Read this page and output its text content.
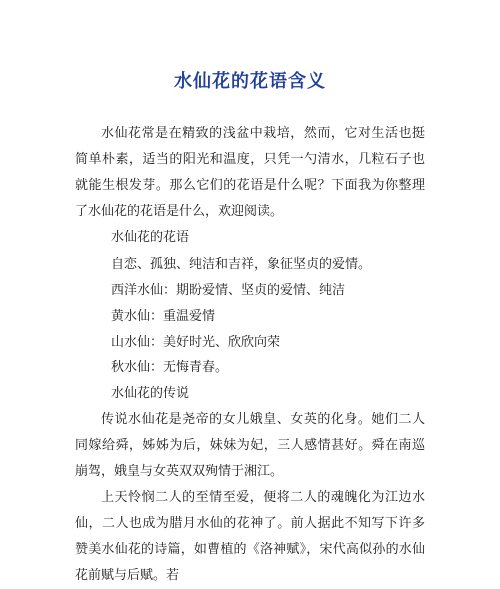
水仙花的花语含义

水仙花常是在精致的浅盆中栽培，然而，它对生活也挺简单朴素，适当的阳光和温度，只凭一勺清水，几粒石子也就能生根发芽。那么它们的花语是什么呢？下面我为你整理了水仙花的花语是什么，欢迎阅读。

水仙花的花语

自恋、孤独、纯洁和吉祥，象征坚贞的爱情。

西洋水仙：期盼爱情、坚贞的爱情、纯洁

黄水仙：重温爱情

山水仙：美好时光、欣欣向荣

秋水仙：无悔青春。

水仙花的传说

传说水仙花是尧帝的女儿娥皇、女英的化身。她们二人同嫁给舜，姊姊为后，妹妹为妃，三人感情甚好。舜在南巡崩驾，娥皇与女英双双殉情于湘江。

上天怜悯二人的至情至爱，便将二人的魂魄化为江边水仙，二人也成为腊月水仙的花神了。前人据此不知写下许多赞美水仙花的诗篇，如曹植的《洛神赋》，宋代高似孙的水仙花前赋与后赋。若
